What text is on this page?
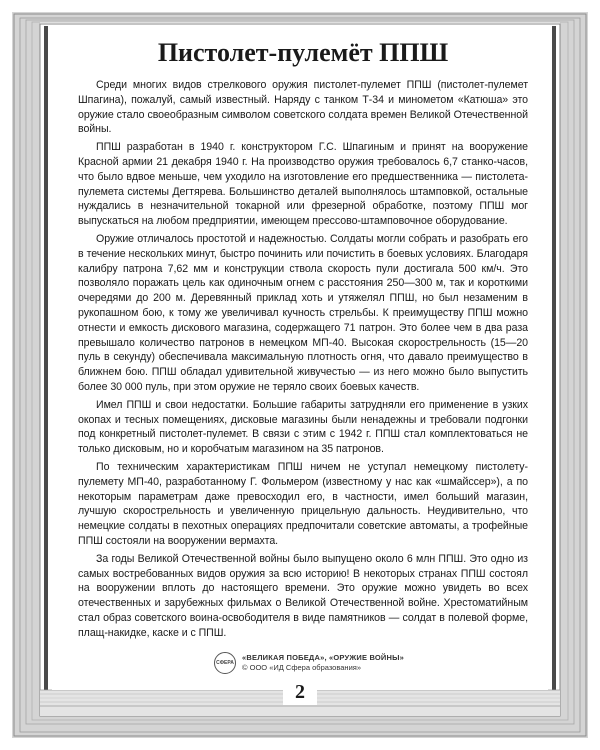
Пистолет-пулемёт ППШ

Среди многих видов стрелкового оружия пистолет-пулемет ППШ (пистолет-пулемет Шпагина), пожалуй, самый известный. Наряду с танком Т-34 и минометом «Катюша» это оружие стало своеобразным символом советского солдата времен Великой Отечественной войны.

ППШ разработан в 1940 г. конструктором Г.С. Шпагиным и принят на вооружение Красной армии 21 декабря 1940 г. На производство оружия требовалось 6,7 станко-часов, что было вдвое меньше, чем уходило на изготовление его предшественника — пистолета-пулемета системы Дегтярева. Большинство деталей выполнялось штамповкой, остальные нуждались в незначительной токарной или фрезерной обработке, поэтому ППШ мог выпускаться на любом предприятии, имеющем прессово-штамповочное оборудование.

Оружие отличалось простотой и надежностью. Солдаты могли собрать и разобрать его в течение нескольких минут, быстро починить или почистить в боевых условиях. Благодаря калибру патрона 7,62 мм и конструкции ствола скорость пули достигала 500 км/ч. Это позволяло поражать цель как одиночным огнем с расстояния 250—300 м, так и короткими очередями до 200 м. Деревянный приклад хоть и утяжелял ППШ, но был незаменим в рукопашном бою, к тому же увеличивал кучность стрельбы. К преимуществу ППШ можно отнести и емкость дискового магазина, содержащего 71 патрон. Это более чем в два раза превышало количество патронов в немецком МП-40. Высокая скорострельность (15—20 пуль в секунду) обеспечивала максимальную плотность огня, что давало преимущество в ближнем бою. ППШ обладал удивительной живучестью — из него можно было выпустить более 30 000 пуль, при этом оружие не теряло своих боевых качеств.

Имел ППШ и свои недостатки. Большие габариты затрудняли его применение в узких окопах и тесных помещениях, дисковые магазины были ненадежны и требовали подгонки под конкретный пистолет-пулемет. В связи с этим с 1942 г. ППШ стал комплектоваться не только дисковым, но и коробчатым магазином на 35 патронов.

По техническим характеристикам ППШ ничем не уступал немецкому пистолету-пулемету МП-40, разработанному Г. Фольмером (известному у нас как «шмайссер»), а по некоторым параметрам даже превосходил его, в частности, имел больший магазин, лучшую скорострельность и увеличенную прицельную дальность. Неудивительно, что немецкие солдаты в пехотных операциях предпочитали советские автоматы, а трофейные ППШ состояли на вооружении вермахта.

За годы Великой Отечественной войны было выпущено около 6 млн ППШ. Это одно из самых востребованных видов оружия за всю историю! В некоторых странах ППШ состоял на вооружении вплоть до настоящего времени. Это оружие можно увидеть во всех отечественных и зарубежных фильмах о Великой Отечественной войне. Хрестоматийным стал образ советского воина-освободителя в виде памятников — солдат в полевой форме, плащ-накидке, каске и с ППШ.

СФЕРА
«ВЕЛИКАЯ ПОБЕДА», «ОРУЖИЕ ВОЙНЫ»
© ООО «ИД Сфера образования»
2
